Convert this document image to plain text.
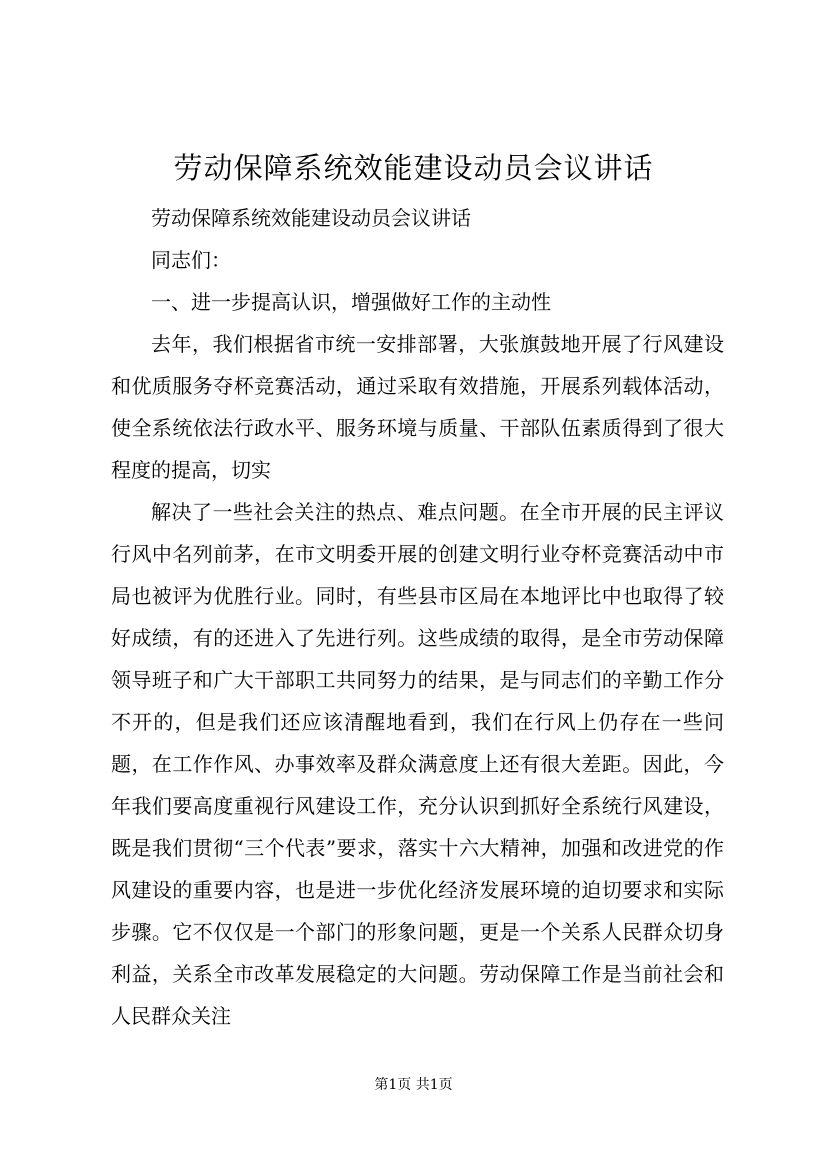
劳动保障系统效能建设动员会议讲话

劳动保障系统效能建设动员会议讲话

同志们：

一、进一步提高认识，增强做好工作的主动性

去年，我们根据省市统一安排部署，大张旗鼓地开展了行风建设和优质服务夺杯竞赛活动，通过采取有效措施，开展系列载体活动，使全系统依法行政水平、服务环境与质量、干部队伍素质得到了很大程度的提高，切实

解决了一些社会关注的热点、难点问题。在全市开展的民主评议行风中名列前茅，在市文明委开展的创建文明行业夺杯竞赛活动中市局也被评为优胜行业。同时，有些县市区局在本地评比中也取得了较好成绩，有的还进入了先进行列。这些成绩的取得，是全市劳动保障领导班子和广大干部职工共同努力的结果，是与同志们的辛勤工作分不开的，但是我们还应该清醒地看到，我们在行风上仍存在一些问题，在工作作风、办事效率及群众满意度上还有很大差距。因此，今年我们要高度重视行风建设工作，充分认识到抓好全系统行风建设，既是我们贯彻“三个代表”要求，落实十六大精神，加强和改进党的作风建设的重要内容，也是进一步优化经济发展环境的迫切要求和实际步骤。它不仅仅是一个部门的形象问题，更是一个关系人民群众切身利益，关系全市改革发展稳定的大问题。劳动保障工作是当前社会和人民群众关注

第1页 共1页
